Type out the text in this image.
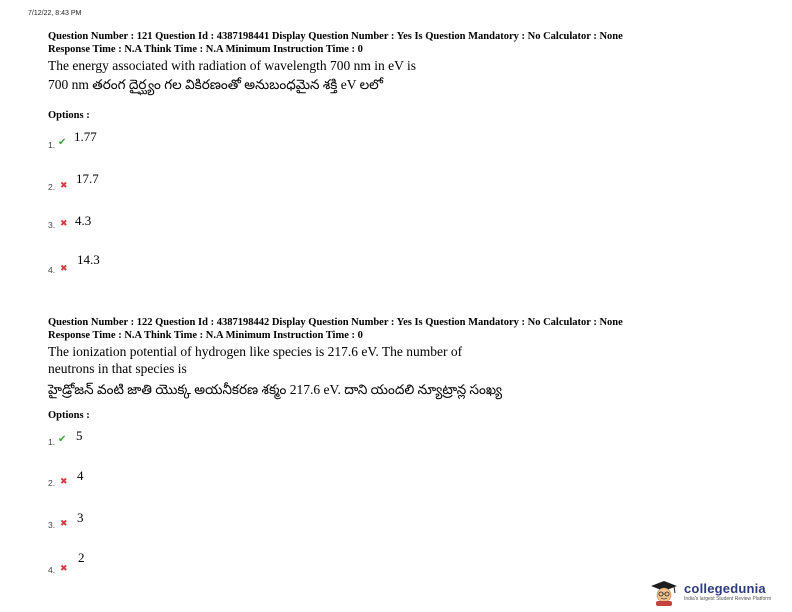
7/12/22, 8:43 PM
Question Number : 121 Question Id : 4387198441 Display Question Number : Yes Is Question Mandatory : No Calculator : None
Response Time : N.A Think Time : N.A Minimum Instruction Time : 0
The energy associated with radiation of wavelength 700 nm in eV is
700 nm తరంగ దైర్ఘ్యం గల వికిరణంతో అనుబంధమైన శక్తి eV లలో
Options :
1. ✔ 1.77
2. ✖ 17.7
3. ✖ 4.3
4. ✖
14.3
Question Number : 122 Question Id : 4387198442 Display Question Number : Yes Is Question Mandatory : No Calculator : None
Response Time : N.A Think Time : N.A Minimum Instruction Time : 0
The ionization potential of hydrogen like species is 217.6 eV. The number of
neutrons in that species is
హైడ్రోజన్ వంటి జాతి యొక్క అయనీకరణ శక్మం 217.6 eV. దాని యందలి న్యూట్రాన్ల సంఖ్య
Options :
1. ✔ 5
2. ✖ 4
3. ✖ 3
4. ✖
2
collegedunia
India's largest Student Review Platform
